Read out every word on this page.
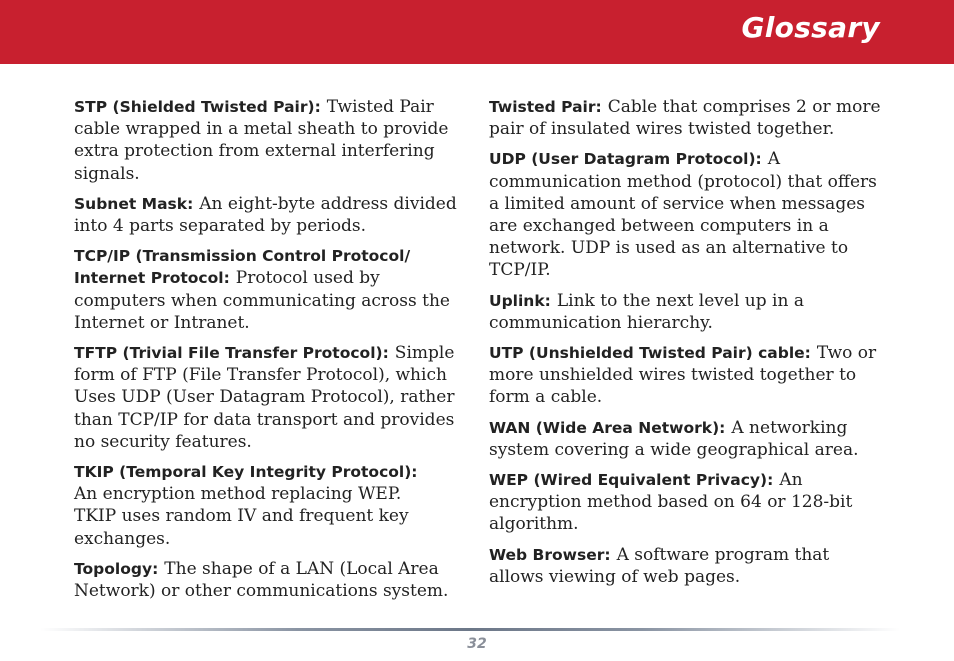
Glossary

STP (Shielded Twisted Pair): Twisted Pair cable wrapped in a metal sheath to provide extra protection from external interfering signals.

Subnet Mask: An eight-byte address divided into 4 parts separated by periods.

TCP/IP (Transmission Control Protocol/ Internet Protocol: Protocol used by computers when communicating across the Internet or Intranet.

TFTP (Trivial File Transfer Protocol): Simple form of FTP (File Transfer Protocol), which Uses UDP (User Datagram Protocol), rather than TCP/IP for data transport and provides no security features.

TKIP (Temporal Key Integrity Protocol):
An encryption method replacing WEP.
TKIP uses random IV and frequent key exchanges.

Topology: The shape of a LAN (Local Area Network) or other communications system.

Twisted Pair: Cable that comprises 2 or more pair of insulated wires twisted together.

UDP (User Datagram Protocol): A communication method (protocol) that offers a limited amount of service when messages are exchanged between computers in a network. UDP is used as an alternative to TCP/IP.

Uplink: Link to the next level up in a communication hierarchy.

UTP (Unshielded Twisted Pair) cable: Two or more unshielded wires twisted together to form a cable.

WAN (Wide Area Network): A networking system covering a wide geographical area.

WEP (Wired Equivalent Privacy): An encryption method based on 64 or 128-bit algorithm.

Web Browser: A software program that allows viewing of web pages.

32
